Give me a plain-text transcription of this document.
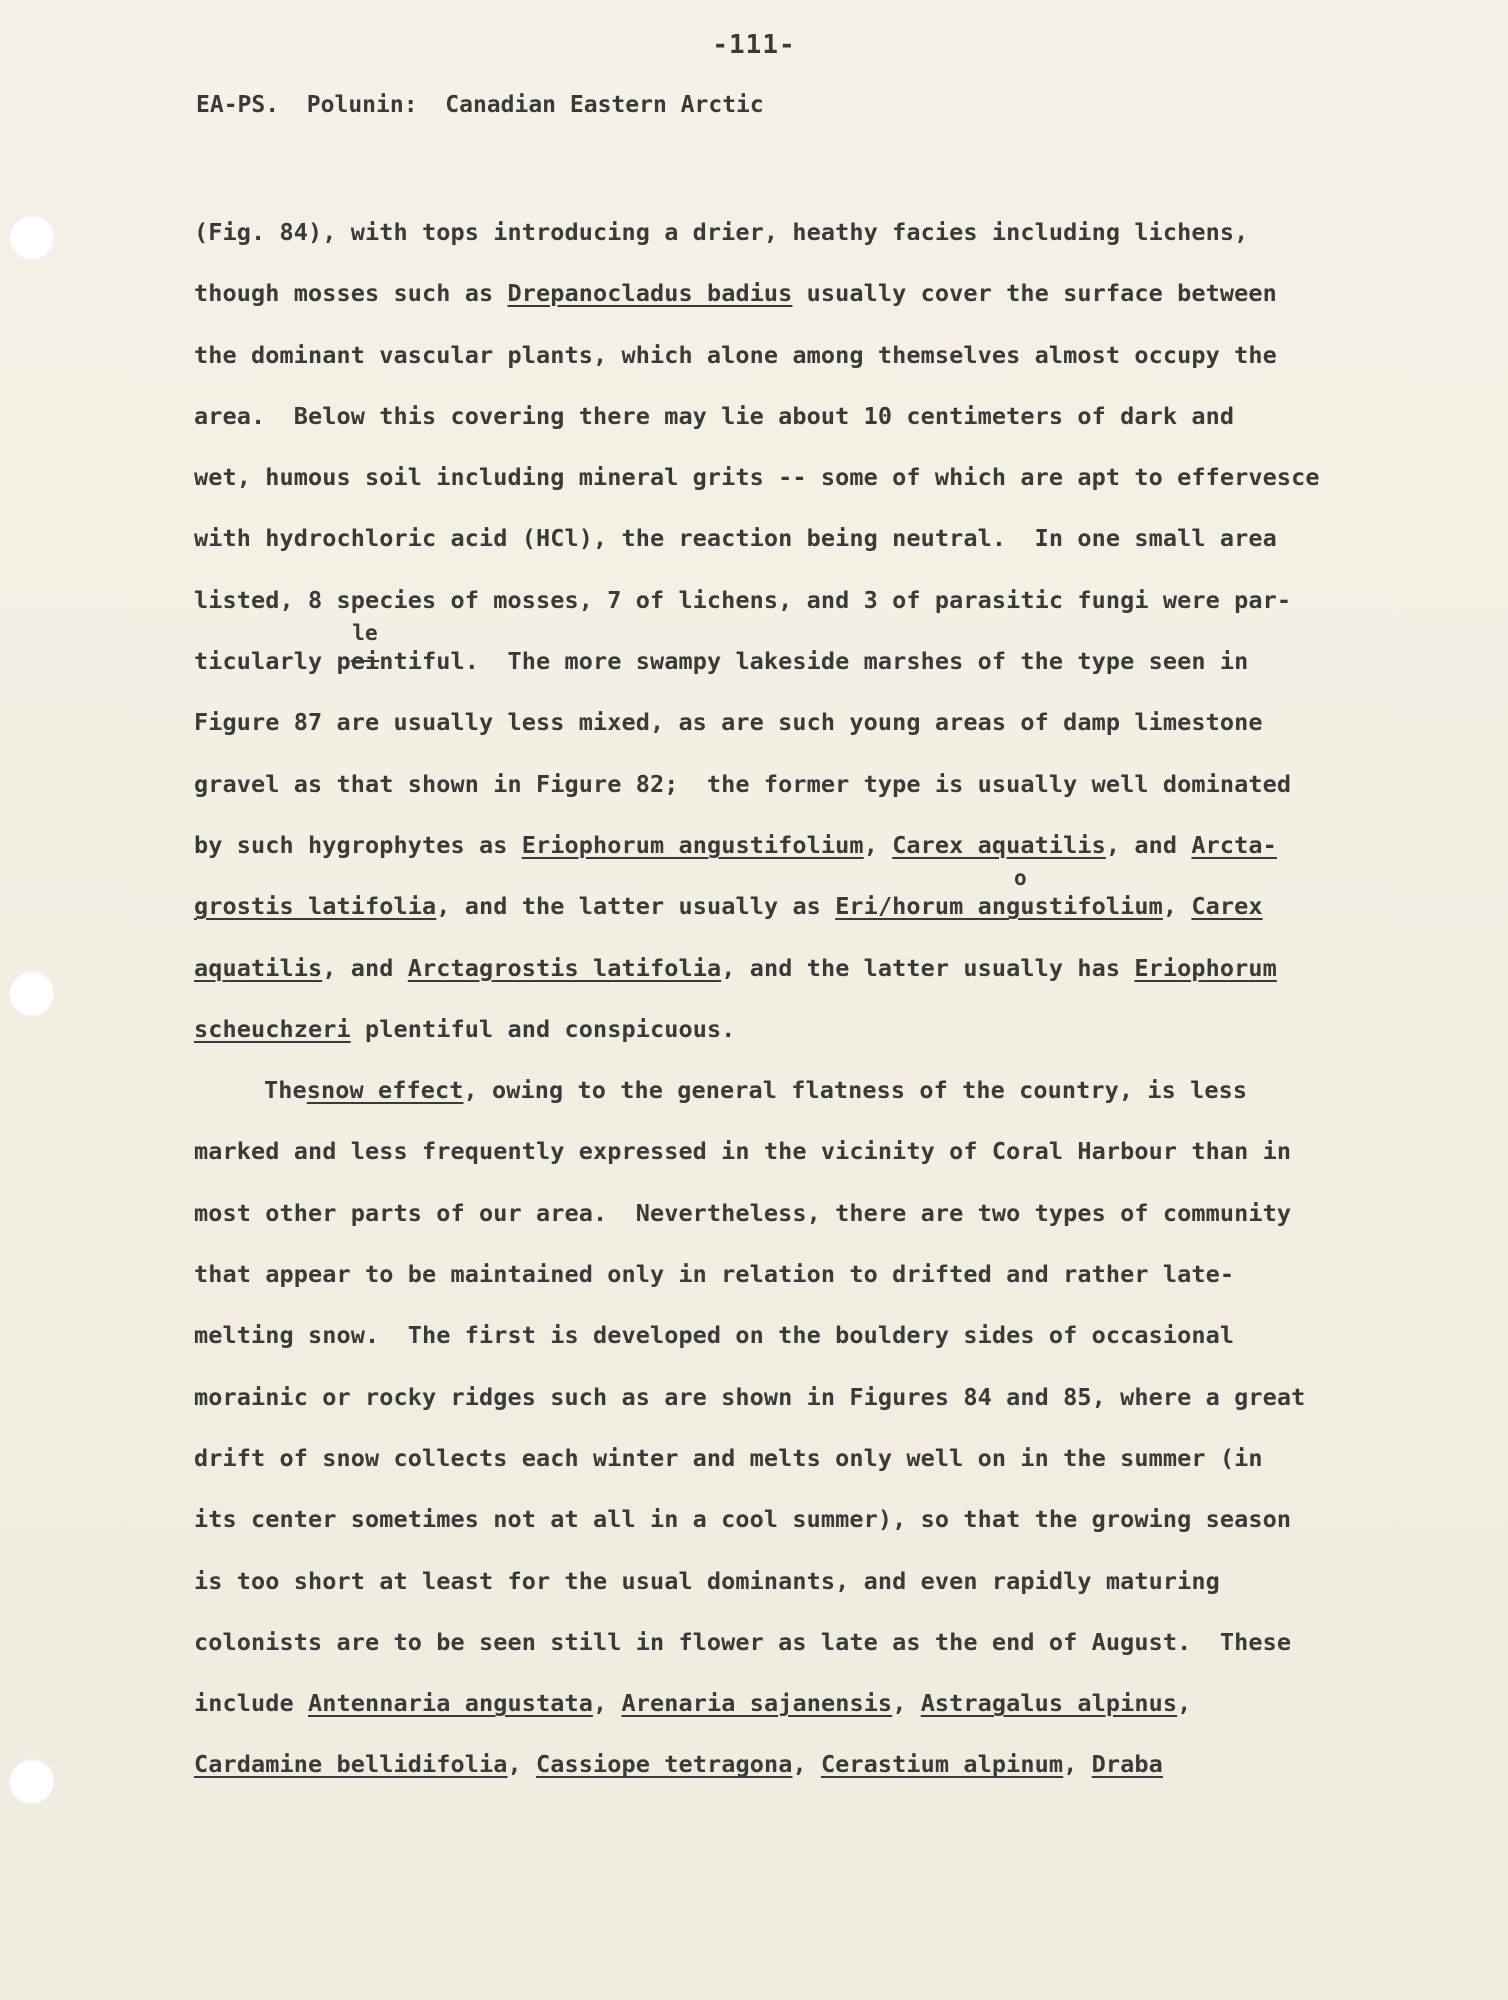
-111-
EA-PS.  Polunin:  Canadian Eastern Arctic
(Fig. 84), with tops introducing a drier, heathy facies including lichens,
though mosses such as Drepanocladus badius usually cover the surface between
the dominant vascular plants, which alone among themselves almost occupy the
area.  Below this covering there may lie about 10 centimeters of dark and
wet, humous soil including mineral grits -- some of which are apt to effervesce
with hydrochloric acid (HCl), the reaction being neutral.  In one small area
listed, 8 species of mosses, 7 of lichens, and 3 of parasitic fungi were par-
ticularly p
le
eintiful.  The more swampy lakeside marshes of the type seen in
Figure 87 are usually less mixed, as are such young areas of damp limestone
gravel as that shown in Figure 82;  the former type is usually well dominated
by such hygrophytes as Eriophorum angustifolium, Carex aquatilis, and Arcta-
grostis latifolia, and the latter usually as Eri
o
/horum angustifolium, Carex
aquatilis, and Arctagrostis latifolia, and the latter usually has Eriophorum
scheuchzeri plentiful and conspicuous.
Thesnow effect, owing to the general flatness of the country, is less
marked and less frequently expressed in the vicinity of Coral Harbour than in
most other parts of our area.  Nevertheless, there are two types of community
that appear to be maintained only in relation to drifted and rather late-
melting snow.  The first is developed on the bouldery sides of occasional
morainic or rocky ridges such as are shown in Figures 84 and 85, where a great
drift of snow collects each winter and melts only well on in the summer (in
its center sometimes not at all in a cool summer), so that the growing season
is too short at least for the usual dominants, and even rapidly maturing
colonists are to be seen still in flower as late as the end of August.  These
include Antennaria angustata, Arenaria sajanensis, Astragalus alpinus,
Cardamine bellidifolia, Cassiope tetragona, Cerastium alpinum, Draba
